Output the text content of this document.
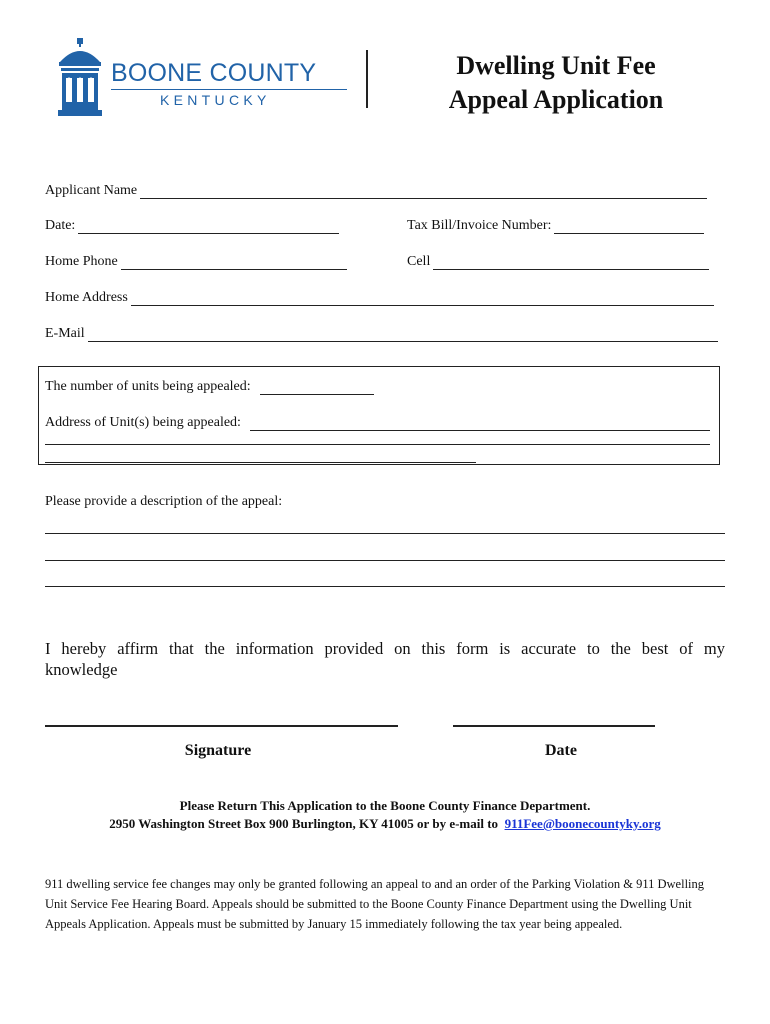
BOONE COUNTY
KENTUCKY
Dwelling Unit Fee
Appeal Application
Applicant Name
Date:	Tax Bill/Invoice Number:
Home Phone	Cell
Home Address
E-Mail
The number of units being appealed:
Address of Unit(s) being appealed:
Please provide a description of the appeal:
I hereby affirm that the information provided on this form is accurate to the best of my knowledge
Signature	Date
Please Return This Application to the Boone County Finance Department.
2950 Washington Street Box 900 Burlington, KY 41005 or by e-mail to 911Fee@boonecountyky.org
911 dwelling service fee changes may only be granted following an appeal to and an order of the Parking Violation & 911 Dwelling Unit Service Fee Hearing Board. Appeals should be submitted to the Boone County Finance Department using the Dwelling Unit Appeals Application. Appeals must be submitted by January 15 immediately following the tax year being appealed.
